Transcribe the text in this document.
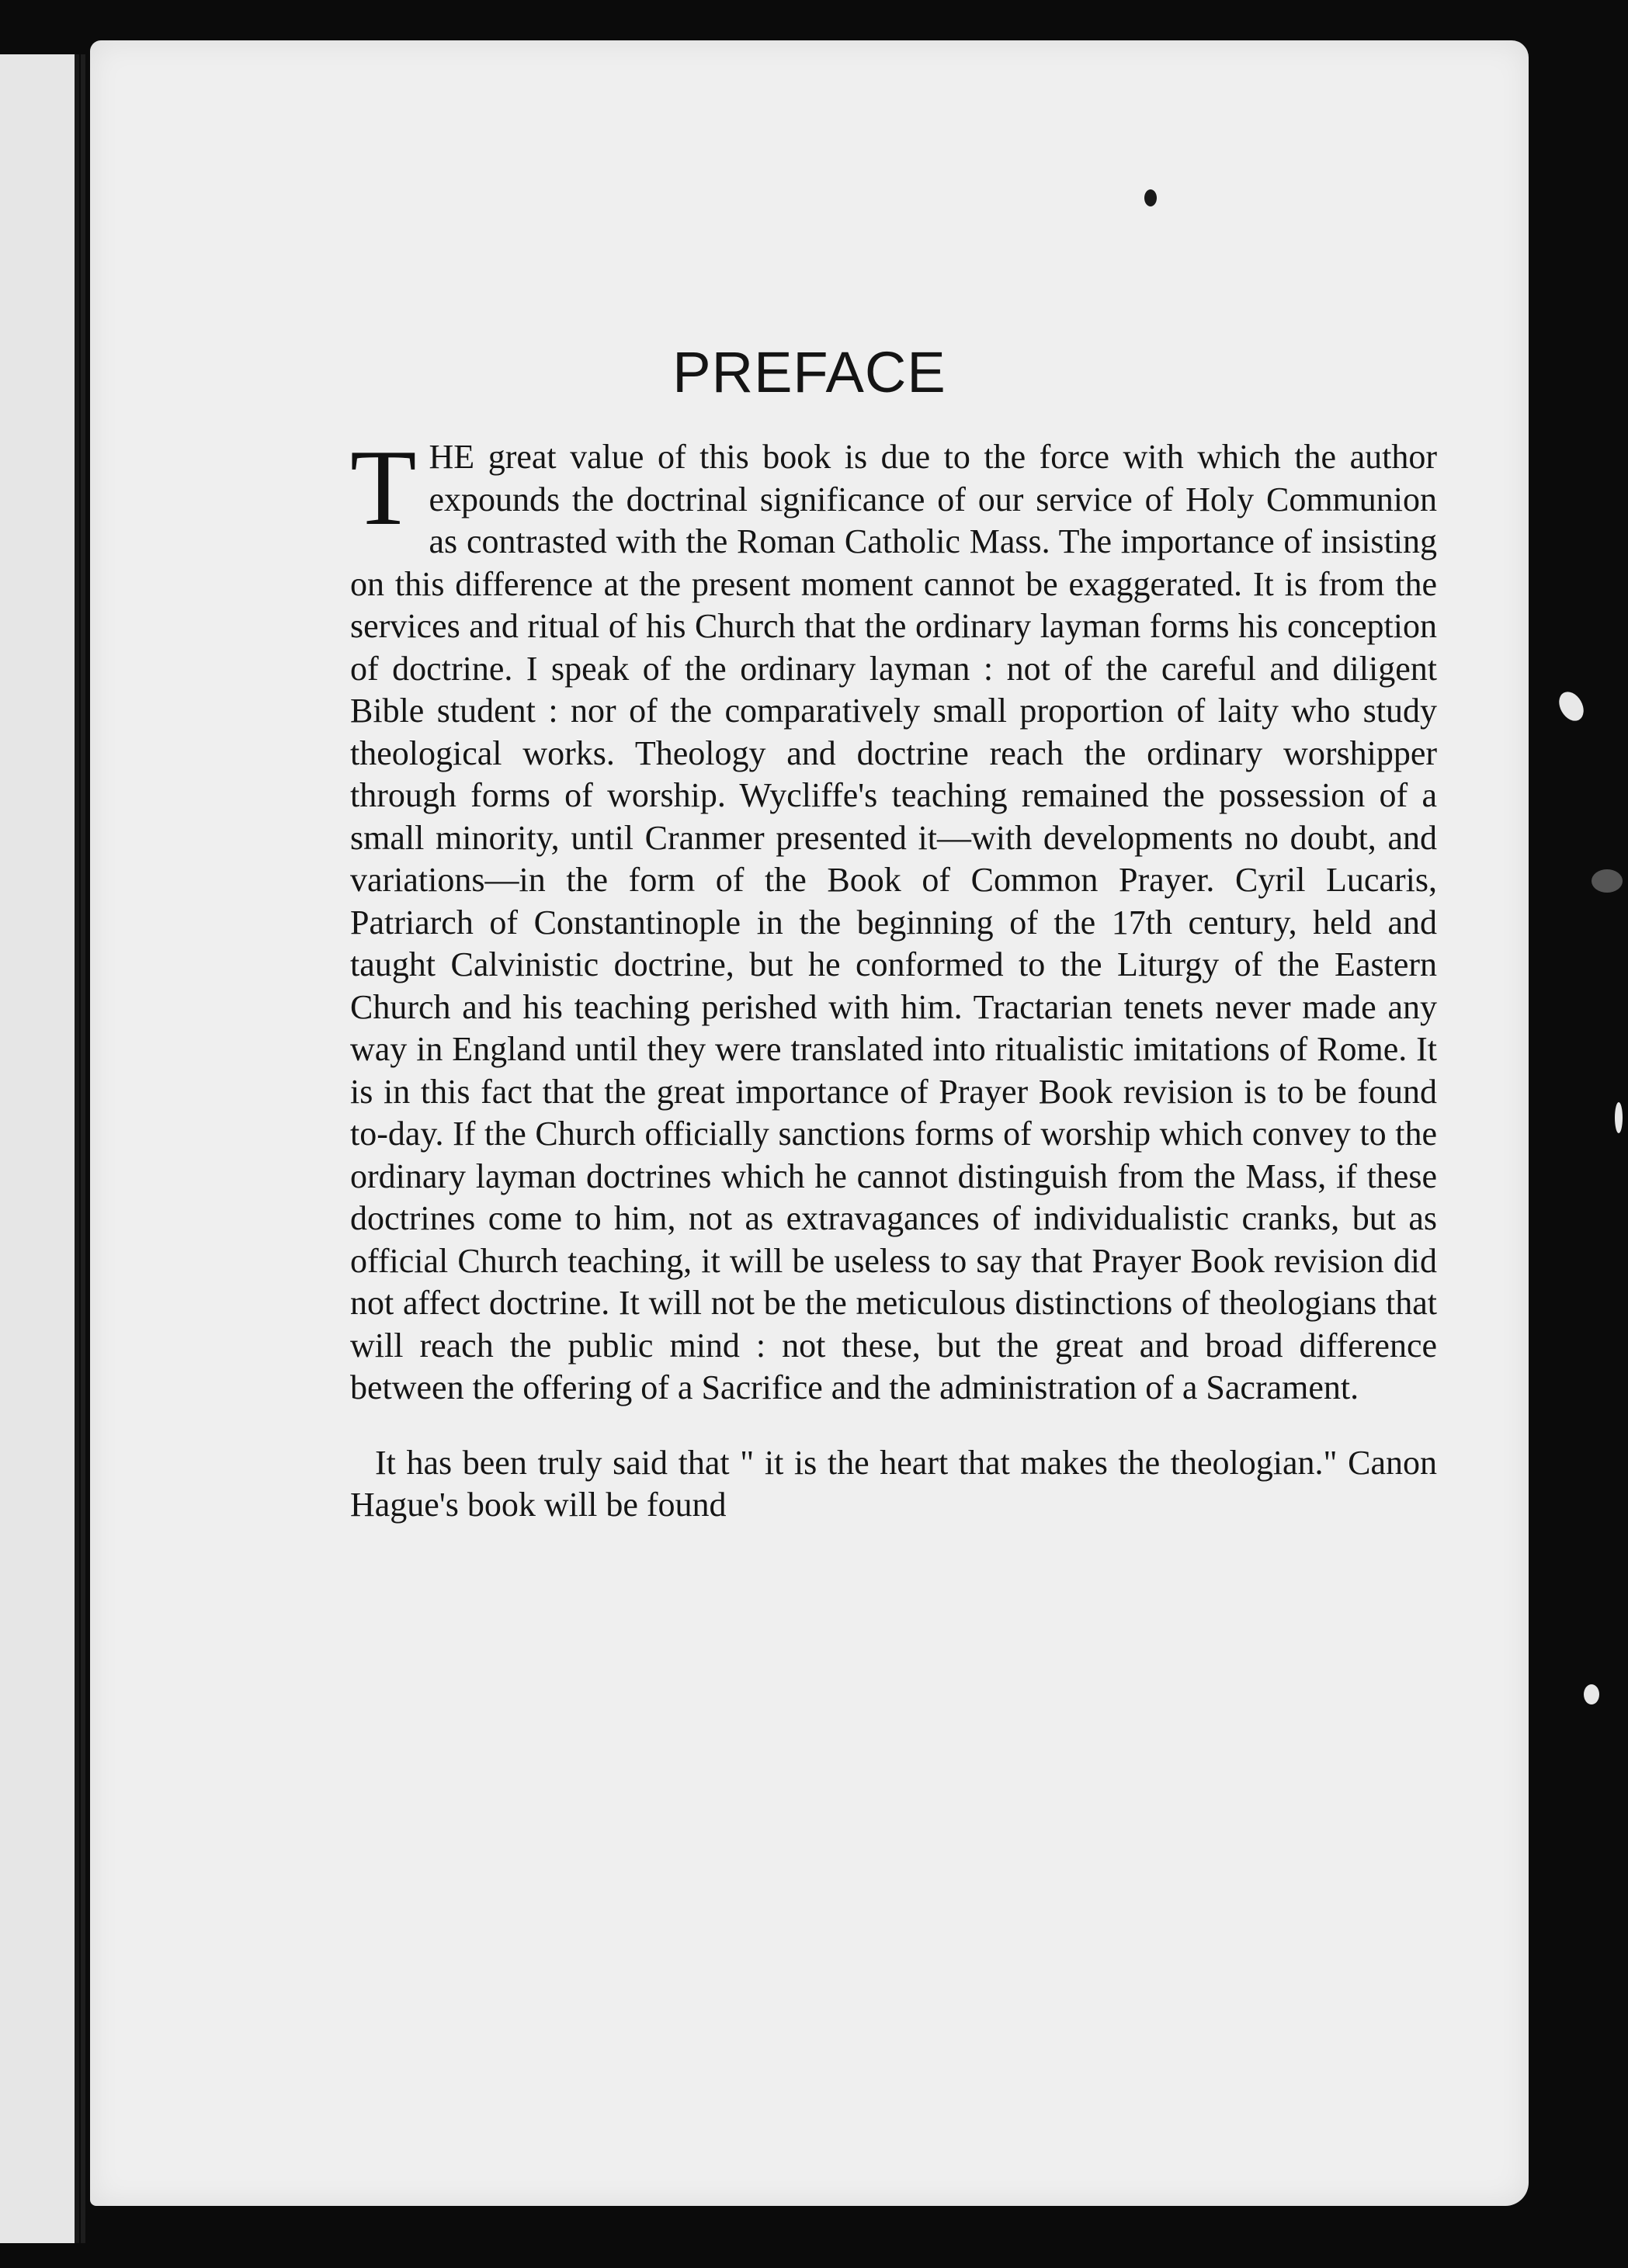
PREFACE

THE great value of this book is due to the force with which the author expounds the doctrinal significance of our service of Holy Communion as contrasted with the Roman Catholic Mass. The importance of insisting on this difference at the present moment cannot be exaggerated. It is from the services and ritual of his Church that the ordinary layman forms his conception of doctrine. I speak of the ordinary layman : not of the careful and diligent Bible student : nor of the comparatively small proportion of laity who study theological works. Theology and doctrine reach the ordinary worshipper through forms of worship. Wycliffe's teaching remained the possession of a small minority, until Cranmer presented it—with developments no doubt, and variations—in the form of the Book of Common Prayer. Cyril Lucaris, Patriarch of Constantinople in the beginning of the 17th century, held and taught Calvinistic doctrine, but he conformed to the Liturgy of the Eastern Church and his teaching perished with him. Tractarian tenets never made any way in England until they were translated into ritualistic imitations of Rome. It is in this fact that the great importance of Prayer Book revision is to be found to-day. If the Church officially sanctions forms of worship which convey to the ordinary layman doctrines which he cannot distinguish from the Mass, if these doctrines come to him, not as extravagances of individualistic cranks, but as official Church teaching, it will be useless to say that Prayer Book revision did not affect doctrine. It will not be the meticulous distinctions of theologians that will reach the public mind : not these, but the great and broad difference between the offering of a Sacrifice and the administration of a Sacrament.

It has been truly said that " it is the heart that makes the theologian." Canon Hague's book will be found
